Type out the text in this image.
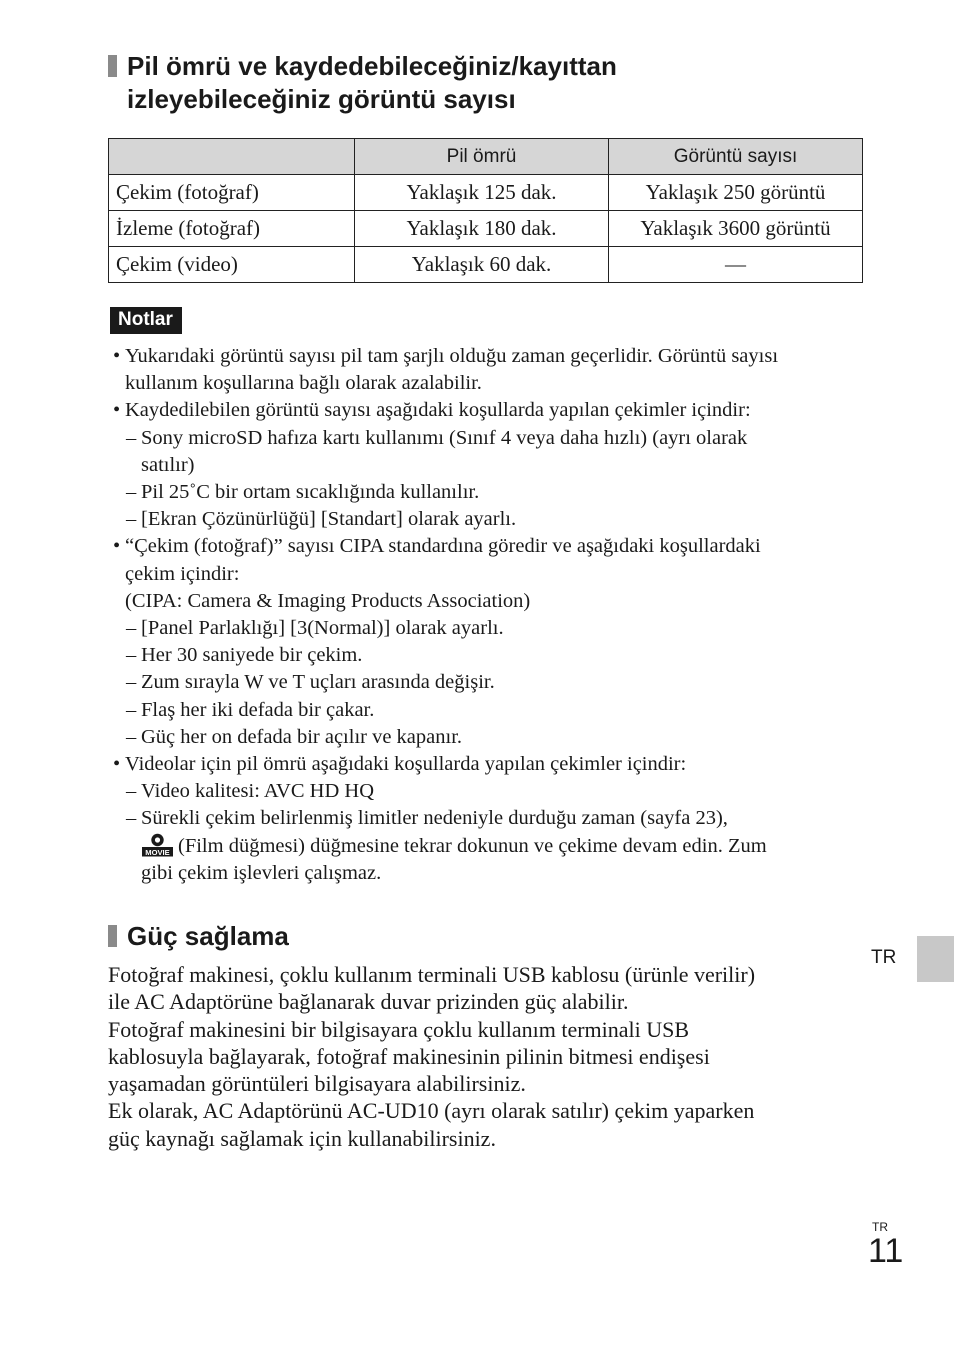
Pil ömrü ve kaydedebileceğiniz/kayıttan
izleyebileceğiniz görüntü sayısı
	Pil ömrü	Görüntü sayısı
Çekim (fotoğraf)	Yaklaşık 125 dak.	Yaklaşık 250 görüntü
İzleme (fotoğraf)	Yaklaşık 180 dak.	Yaklaşık 3600 görüntü
Çekim (video)	Yaklaşık 60 dak.	—
Notlar
• Yukarıdaki görüntü sayısı pil tam şarjlı olduğu zaman geçerlidir. Görüntü sayısı
kullanım koşullarına bağlı olarak azalabilir.
• Kaydedilebilen görüntü sayısı aşağıdaki koşullarda yapılan çekimler içindir:
– Sony microSD hafıza kartı kullanımı (Sınıf 4 veya daha hızlı) (ayrı olarak
satılır)
– Pil 25˚C bir ortam sıcaklığında kullanılır.
– [Ekran Çözünürlüğü] [Standart] olarak ayarlı.
• “Çekim (fotoğraf)” sayısı CIPA standardına göredir ve aşağıdaki koşullardaki
çekim içindir:
(CIPA: Camera & Imaging Products Association)
– [Panel Parlaklığı] [3(Normal)] olarak ayarlı.
– Her 30 saniyede bir çekim.
– Zum sırayla W ve T uçları arasında değişir.
– Flaş her iki defada bir çakar.
– Güç her on defada bir açılır ve kapanır.
• Videolar için pil ömrü aşağıdaki koşullarda yapılan çekimler içindir:
– Video kalitesi: AVC HD HQ
– Sürekli çekim belirlenmiş limitler nedeniyle durduğu zaman (sayfa 23),
MOVIE (Film düğmesi) düğmesine tekrar dokunun ve çekime devam edin. Zum
gibi çekim işlevleri çalışmaz.
Güç sağlama

Fotoğraf makinesi, çoklu kullanım terminali USB kablosu (ürünle verilir)
ile AC Adaptörüne bağlanarak duvar prizinden güç alabilir.

Fotoğraf makinesini bir bilgisayara çoklu kullanım terminali USB
kablosuyla bağlayarak, fotoğraf makinesinin pilinin bitmesi endişesi
yaşamadan görüntüleri bilgisayara alabilirsiniz.

Ek olarak, AC Adaptörünü AC-UD10 (ayrı olarak satılır) çekim yaparken
güç kaynağı sağlamak için kullanabilirsiniz.

TR
TR
11
